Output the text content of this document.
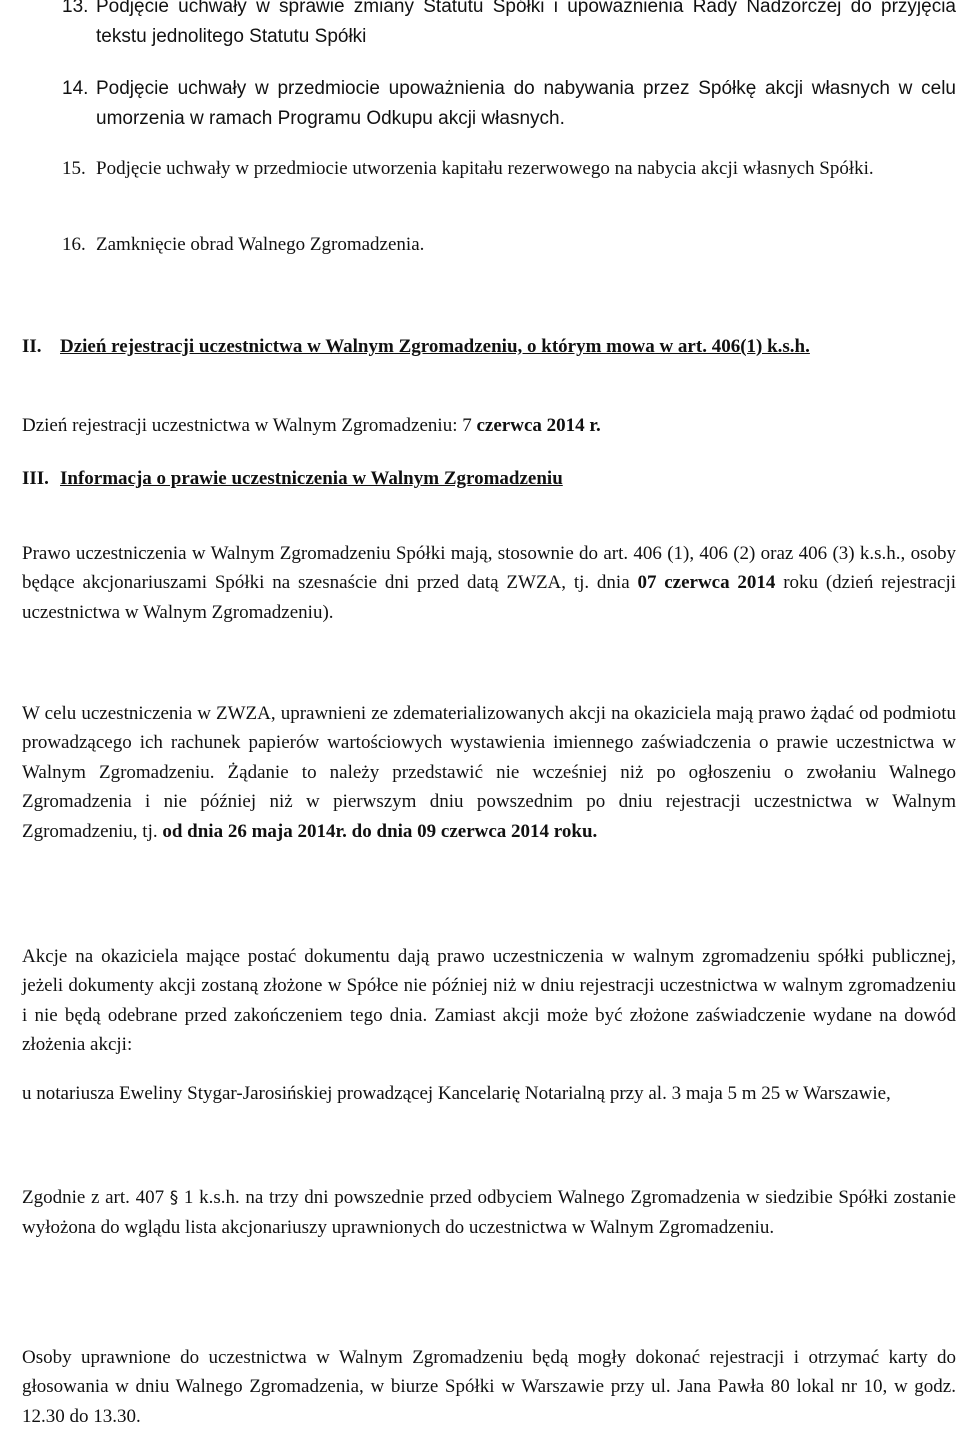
13. Podjęcie uchwały w sprawie zmiany Statutu Spółki i upoważnienia Rady Nadzorczej do przyjęcia tekstu jednolitego Statutu Spółki
14. Podjęcie uchwały w przedmiocie upoważnienia do nabywania przez Spółkę akcji własnych w celu umorzenia w ramach Programu Odkupu akcji własnych.
15. Podjęcie uchwały w przedmiocie utworzenia kapitału rezerwowego na nabycia akcji własnych Spółki.
16. Zamknięcie obrad Walnego Zgromadzenia.
II. Dzień rejestracji uczestnictwa w Walnym Zgromadzeniu, o którym mowa w art. 406(1) k.s.h.
Dzień rejestracji uczestnictwa w Walnym Zgromadzeniu: 7 czerwca 2014 r.
III. Informacja o prawie uczestniczenia w Walnym Zgromadzeniu
Prawo uczestniczenia w Walnym Zgromadzeniu Spółki mają, stosownie do art. 406 (1), 406 (2) oraz 406 (3) k.s.h., osoby będące akcjonariuszami Spółki na szesnaście dni przed datą ZWZA, tj. dnia 07 czerwca 2014 roku (dzień rejestracji uczestnictwa w Walnym Zgromadzeniu).
W celu uczestniczenia w ZWZA, uprawnieni ze zdematerializowanych akcji na okaziciela mają prawo żądać od podmiotu prowadzącego ich rachunek papierów wartościowych wystawienia imiennego zaświadczenia o prawie uczestnictwa w Walnym Zgromadzeniu. Żądanie to należy przedstawić nie wcześniej niż po ogłoszeniu o zwołaniu Walnego Zgromadzenia i nie później niż w pierwszym dniu powszednim po dniu rejestracji uczestnictwa w Walnym Zgromadzeniu, tj. od dnia 26 maja 2014r. do dnia 09 czerwca 2014 roku.
Akcje na okaziciela mające postać dokumentu dają prawo uczestniczenia w walnym zgromadzeniu spółki publicznej, jeżeli dokumenty akcji zostaną złożone w Spółce nie później niż w dniu rejestracji uczestnictwa w walnym zgromadzeniu i nie będą odebrane przed zakończeniem tego dnia. Zamiast akcji może być złożone zaświadczenie wydane na dowód złożenia akcji:
u notariusza Eweliny Stygar-Jarosińskiej prowadzącej Kancelarię Notarialną przy al. 3 maja 5 m 25 w Warszawie,
Zgodnie z art. 407 § 1 k.s.h. na trzy dni powszednie przed odbyciem Walnego Zgromadzenia w siedzibie Spółki zostanie wyłożona do wglądu lista akcjonariuszy uprawnionych do uczestnictwa w Walnym Zgromadzeniu.
Osoby uprawnione do uczestnictwa w Walnym Zgromadzeniu będą mogły dokonać rejestracji i otrzymać karty do głosowania w dniu Walnego Zgromadzenia, w biurze Spółki w Warszawie przy ul. Jana Pawła 80 lokal nr 10, w godz. 12.30 do 13.30.
